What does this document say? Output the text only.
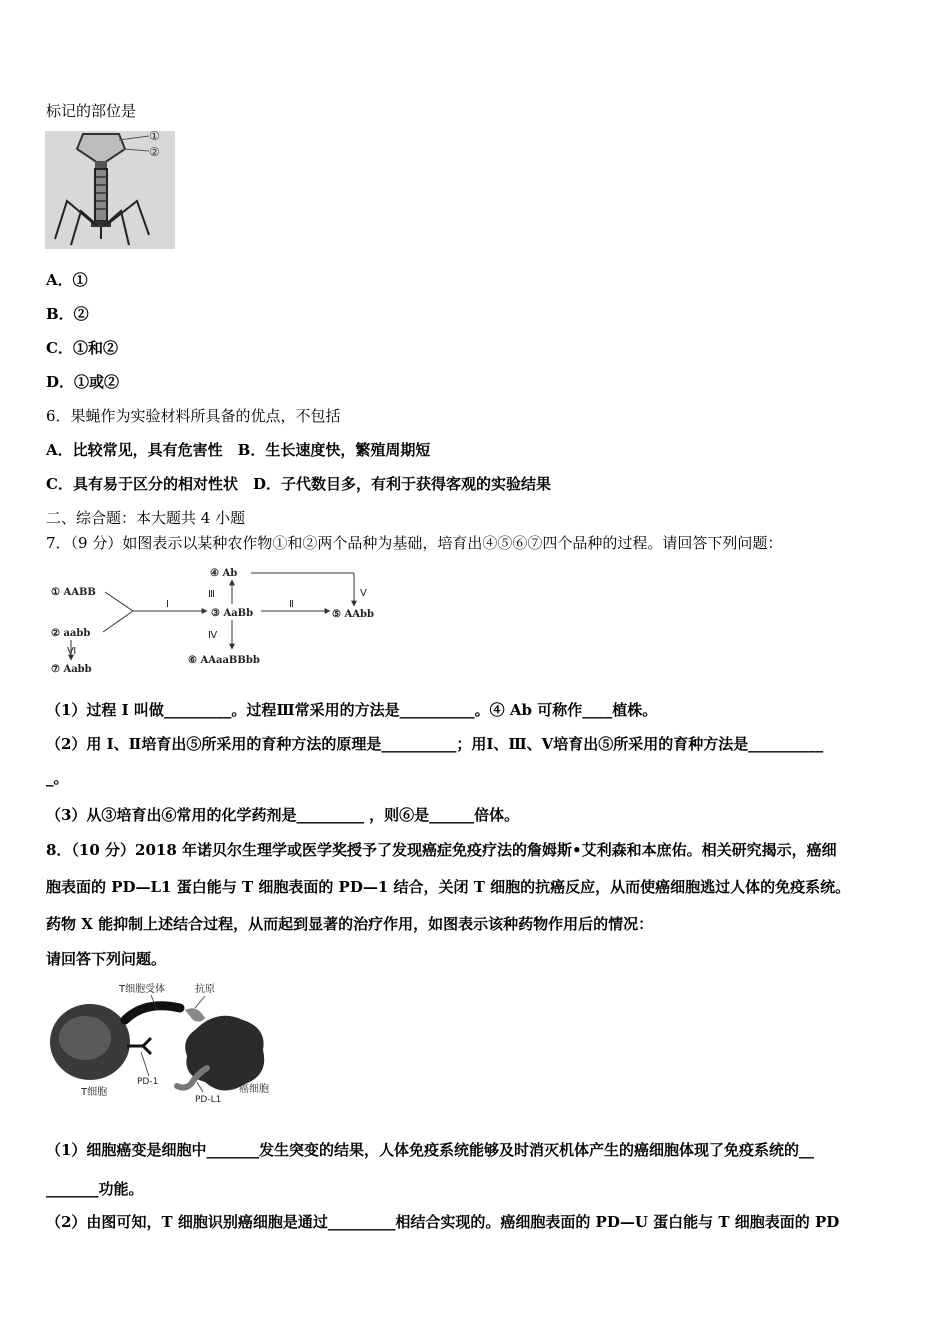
标记的部位是
①
②
A．①
B．②
C．①和②
D．①或②
6．果蝇作为实验材料所具备的优点，不包括
A．比较常见，具有危害性　B．生长速度快，繁殖周期短
C．具有易于区分的相对性状　D．子代数目多，有利于获得客观的实验结果
二、综合题：本大题共 4 小题
7．（9 分）如图表示以某种农作物①和②两个品种为基础，培育出④⑤⑥⑦四个品种的过程。请回答下列问题：
① AABB
② aabb
③ AaBb
④ Ab
⑤ AAbb
⑥ AAaaBBbb
⑦ Aabb
I
Ⅲ
Ⅱ
V
Ⅳ
Ⅵ
（1）过程 I 叫做_________。过程Ⅲ常采用的方法是__________。④ Ab 可称作____植株。
（2）用 I、Ⅱ培育出⑤所采用的育种方法的原理是__________；用Ⅰ、Ⅲ、Ⅴ培育出⑤所采用的育种方法是__________
_。
（3）从③培育出⑥常用的化学药剂是_________ ，则⑥是______倍体。
8．（10 分）2018 年诺贝尔生理学或医学奖授予了发现癌症免疫疗法的詹姆斯•艾利森和本庶佑。相关研究揭示，癌细
胞表面的 PD—L1 蛋白能与 T 细胞表面的 PD—1 结合，关闭 T 细胞的抗癌反应，从而使癌细胞逃过人体的免疫系统。
药物 X 能抑制上述结合过程，从而起到显著的治疗作用，如图表示该种药物作用后的情况：
请回答下列问题。
T细胞受体	抗原
T细胞
PD-1
PD-L1
癌细胞
（1）细胞癌变是细胞中_______发生突变的结果，人体免疫系统能够及时消灭机体产生的癌细胞体现了免疫系统的__
_______功能。
（2）由图可知，T 细胞识别癌细胞是通过_________相结合实现的。癌细胞表面的 PD—U 蛋白能与 T 细胞表面的 PD
